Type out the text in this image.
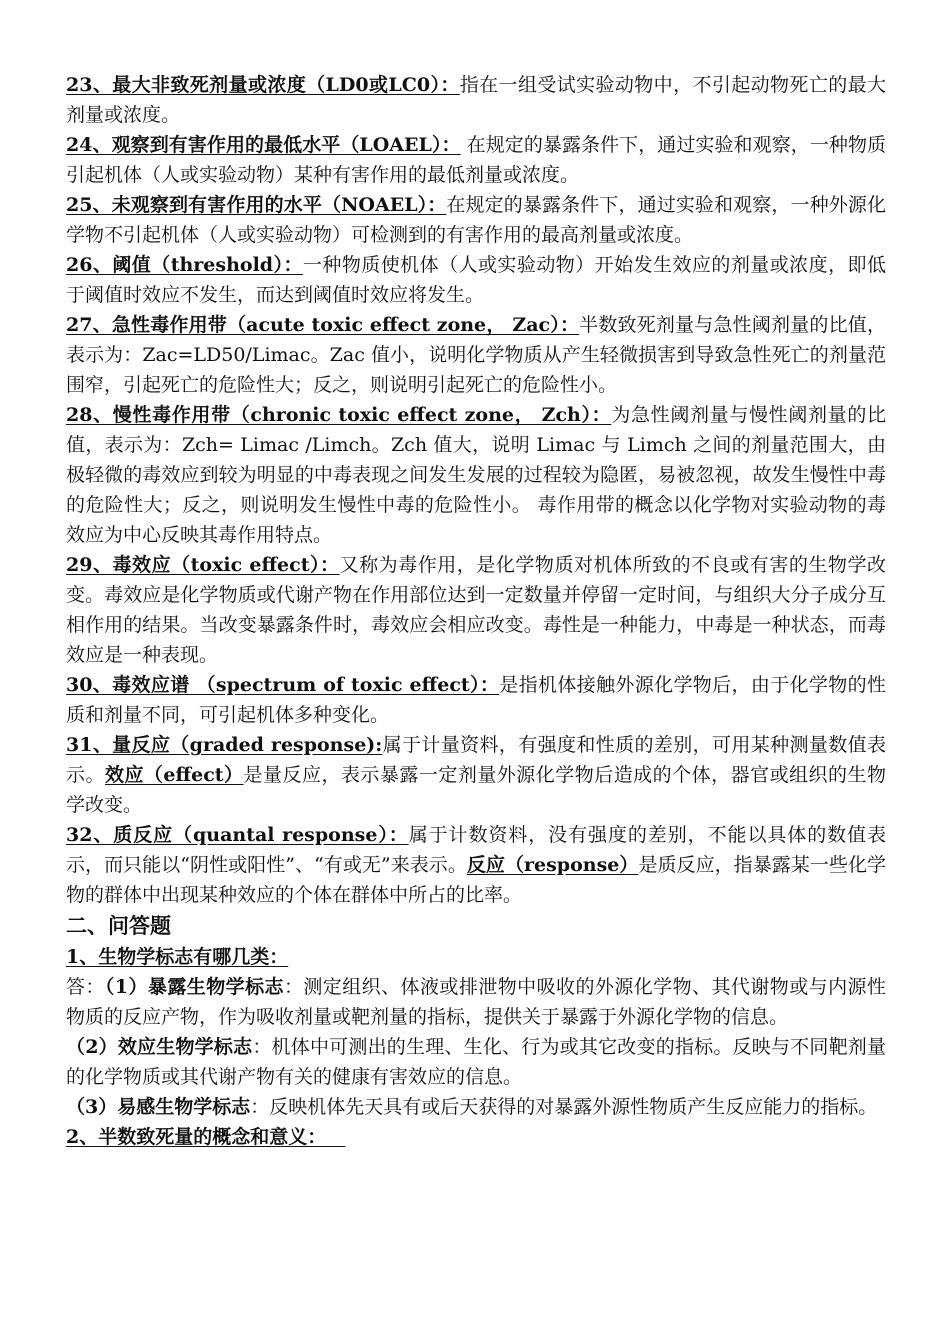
23、最大非致死剂量或浓度（LD0或LC0）：指在一组受试实验动物中，不引起动物死亡的最大剂量或浓度。

24、观察到有害作用的最低水平（LOAEL）： 在规定的暴露条件下，通过实验和观察，一种物质引起机体（人或实验动物）某种有害作用的最低剂量或浓度。

25、未观察到有害作用的水平（NOAEL）：在规定的暴露条件下，通过实验和观察，一种外源化学物不引起机体（人或实验动物）可检测到的有害作用的最高剂量或浓度。

26、阈值（threshold）：一种物质使机体（人或实验动物）开始发生效应的剂量或浓度，即低于阈值时效应不发生，而达到阈值时效应将发生。

27、急性毒作用带（acute toxic effect zone， Zac）：半数致死剂量与急性阈剂量的比值，表示为：Zac=LD50/Limac。Zac 值小，说明化学物质从产生轻微损害到导致急性死亡的剂量范围窄，引起死亡的危险性大；反之，则说明引起死亡的危险性小。

28、慢性毒作用带（chronic toxic effect zone， Zch）：为急性阈剂量与慢性阈剂量的比值，表示为：Zch= Limac /Limch。Zch 值大，说明 Limac 与 Limch 之间的剂量范围大，由极轻微的毒效应到较为明显的中毒表现之间发生发展的过程较为隐匿，易被忽视，故发生慢性中毒的危险性大；反之，则说明发生慢性中毒的危险性小。 毒作用带的概念以化学物对实验动物的毒效应为中心反映其毒作用特点。

29、毒效应（toxic effect）：又称为毒作用，是化学物质对机体所致的不良或有害的生物学改变。毒效应是化学物质或代谢产物在作用部位达到一定数量并停留一定时间，与组织大分子成分互相作用的结果。当改变暴露条件时，毒效应会相应改变。毒性是一种能力，中毒是一种状态，而毒效应是一种表现。

30、毒效应谱 （spectrum of toxic effect）：是指机体接触外源化学物后，由于化学物的性质和剂量不同，可引起机体多种变化。

31、量反应（graded response):属于计量资料，有强度和性质的差别，可用某种测量数值表示。效应（effect）是量反应，表示暴露一定剂量外源化学物后造成的个体，器官或组织的生物学改变。

32、质反应（quantal response）：属于计数资料，没有强度的差别，不能以具体的数值表示，而只能以“阴性或阳性”、“有或无”来表示。反应（response）是质反应，指暴露某一些化学物的群体中出现某种效应的个体在群体中所占的比率。

二、问答题

1、生物学标志有哪几类：

答：（1）暴露生物学标志：测定组织、体液或排泄物中吸收的外源化学物、其代谢物或与内源性物质的反应产物，作为吸收剂量或靶剂量的指标，提供关于暴露于外源化学物的信息。

（2）效应生物学标志：机体中可测出的生理、生化、行为或其它改变的指标。反映与不同靶剂量的化学物质或其代谢产物有关的健康有害效应的信息。

（3）易感生物学标志：反映机体先天具有或后天获得的对暴露外源性物质产生反应能力的指标。

2、半数致死量的概念和意义： 
